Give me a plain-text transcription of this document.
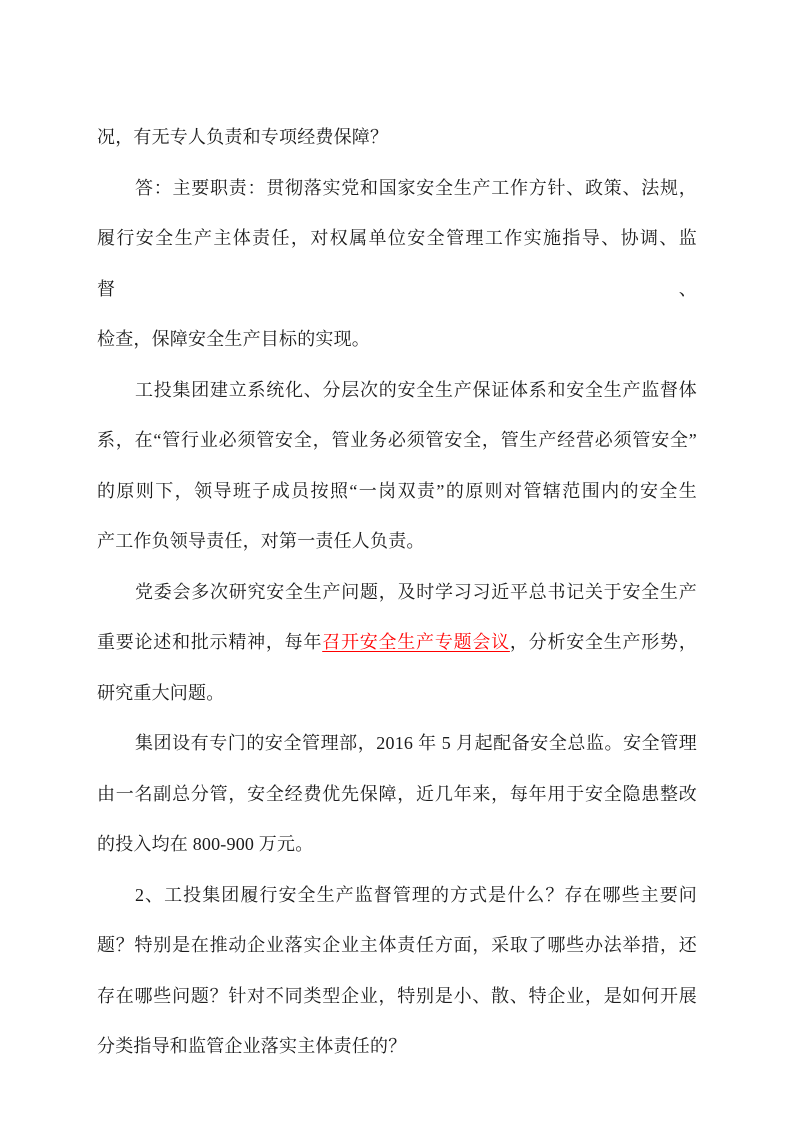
况，有无专人负责和专项经费保障？
答：主要职责：贯彻落实党和国家安全生产工作方针、政策、法规，
履行安全生产主体责任，对权属单位安全管理工作实施指导、协调、监督、
检查，保障安全生产目标的实现。
工投集团建立系统化、分层次的安全生产保证体系和安全生产监督体
系，在“管行业必须管安全，管业务必须管安全，管生产经营必须管安全”
的原则下，领导班子成员按照“一岗双责”的原则对管辖范围内的安全生
产工作负领导责任，对第一责任人负责。
党委会多次研究安全生产问题，及时学习习近平总书记关于安全生产
重要论述和批示精神，每年召开安全生产专题会议，分析安全生产形势，
研究重大问题。
集团设有专门的安全管理部，2016 年 5 月起配备安全总监。安全管理
由一名副总分管，安全经费优先保障，近几年来，每年用于安全隐患整改
的投入均在 800-900 万元。
2、工投集团履行安全生产监督管理的方式是什么？存在哪些主要问
题？特别是在推动企业落实企业主体责任方面，采取了哪些办法举措，还
存在哪些问题？针对不同类型企业，特别是小、散、特企业，是如何开展
分类指导和监管企业落实主体责任的？
